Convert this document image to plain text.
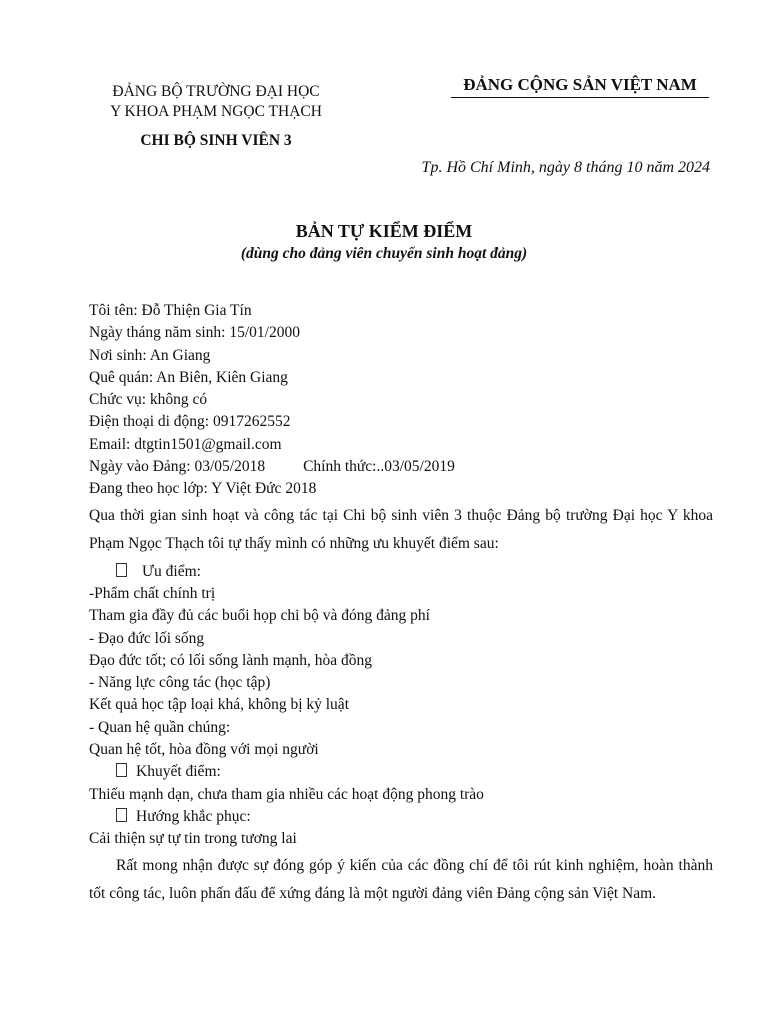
ĐẢNG BỘ TRƯỜNG ĐẠI HỌC
Y KHOA PHẠM NGỌC THẠCH
CHI BỘ SINH VIÊN 3
ĐẢNG CỘNG SẢN VIỆT NAM
Tp. Hồ Chí Minh, ngày 8 tháng 10 năm 2024
BẢN TỰ KIỂM ĐIỂM
(dùng cho đảng viên chuyển sinh hoạt đảng)
Tôi tên: Đỗ Thiện Gia Tín
Ngày tháng năm sinh: 15/01/2000
Nơi sinh: An Giang
Quê quán: An Biên, Kiên Giang
Chức vụ: không có
Điện thoại di động: 0917262552
Email: dtgtin1501@gmail.com
Ngày vào Đảng: 03/05/2018 Chính thức:..03/05/2019
Đang theo học lớp: Y Việt Đức 2018
Qua thời gian sinh hoạt và công tác tại Chi bộ sinh viên 3 thuộc Đảng bộ trường Đại học Y khoa Phạm Ngọc Thạch tôi tự thấy mình có những ưu khuyết điểm sau:
Ưu điểm:
-Phẩm chất chính trị
Tham gia đầy đủ các buổi họp chi bộ và đóng đảng phí
- Đạo đức lối sống
Đạo đức tốt; có lối sống lành mạnh, hòa đồng
- Năng lực công tác (học tập)
Kết quả học tập loại khá, không bị kỷ luật
- Quan hệ quần chúng:
Quan hệ tốt, hòa đồng với mọi người
Khuyết điểm:
Thiếu mạnh dạn, chưa tham gia nhiều các hoạt động phong trào
Hướng khắc phục:
Cải thiện sự tự tin trong tương lai
Rất mong nhận được sự đóng góp ý kiến của các đồng chí để tôi rút kinh nghiệm, hoàn thành tốt công tác, luôn phấn đấu để xứng đáng là một người đảng viên Đảng cộng sản Việt Nam.
